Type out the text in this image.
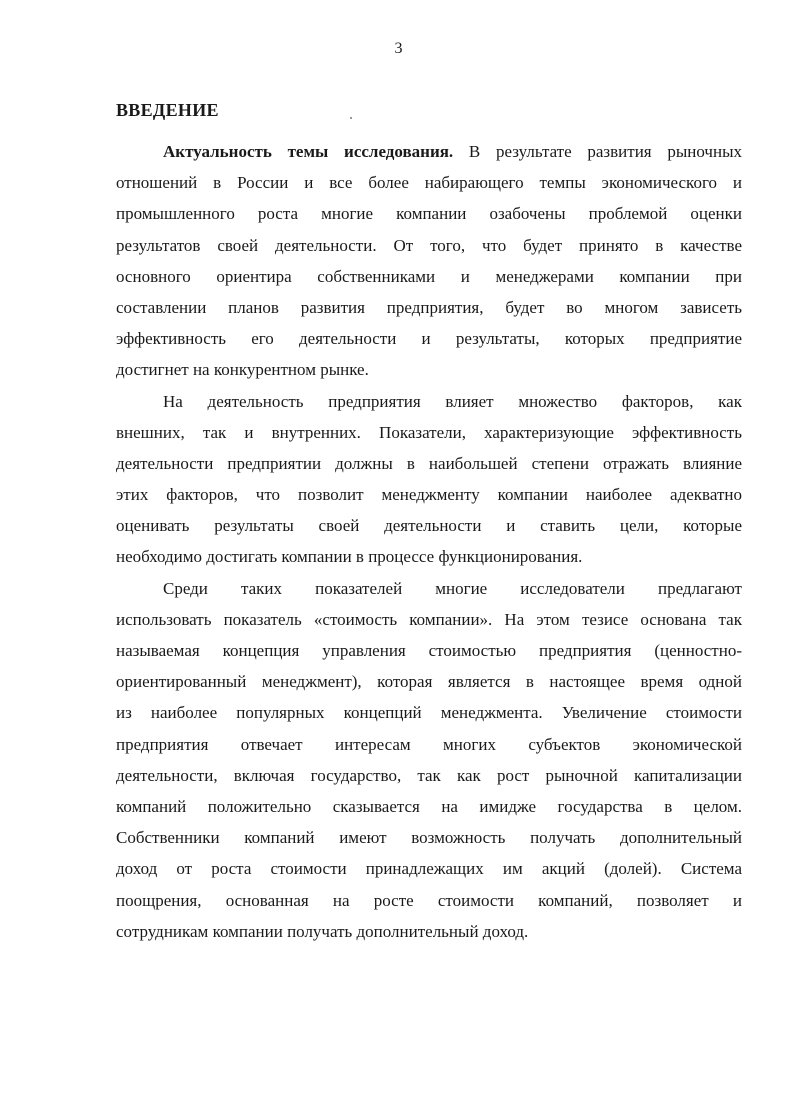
3
ВВЕДЕНИЕ
Актуальность темы исследования. В результате развития рыночных
отношений в России и все более набирающего темпы экономического и
промышленного роста многие компании озабочены проблемой оценки
результатов своей деятельности. От того, что будет принято в качестве
основного ориентира собственниками и менеджерами компании при
составлении планов развития предприятия, будет во многом зависеть
эффективность его деятельности и результаты, которых предприятие
достигнет на конкурентном рынке.
На деятельность предприятия влияет множество факторов, как
внешних, так и внутренних. Показатели, характеризующие эффективность
деятельности предприятии должны в наибольшей степени отражать влияние
этих факторов, что позволит менеджменту компании наиболее адекватно
оценивать результаты своей деятельности и ставить цели, которые
необходимо достигать компании в процессе функционирования.
Среди таких показателей многие исследователи предлагают
использовать показатель «стоимость компании». На этом тезисе основана так
называемая концепция управления стоимостью предприятия (ценностно-
ориентированный менеджмент), которая является в настоящее время одной
из наиболее популярных концепций менеджмента. Увеличение стоимости
предприятия отвечает интересам многих субъектов экономической
деятельности, включая государство, так как рост рыночной капитализации
компаний положительно сказывается на имидже государства в целом.
Собственники компаний имеют возможность получать дополнительный
доход от роста стоимости принадлежащих им акций (долей). Система
поощрения, основанная на росте стоимости компаний, позволяет и
сотрудникам компании получать дополнительный доход.
